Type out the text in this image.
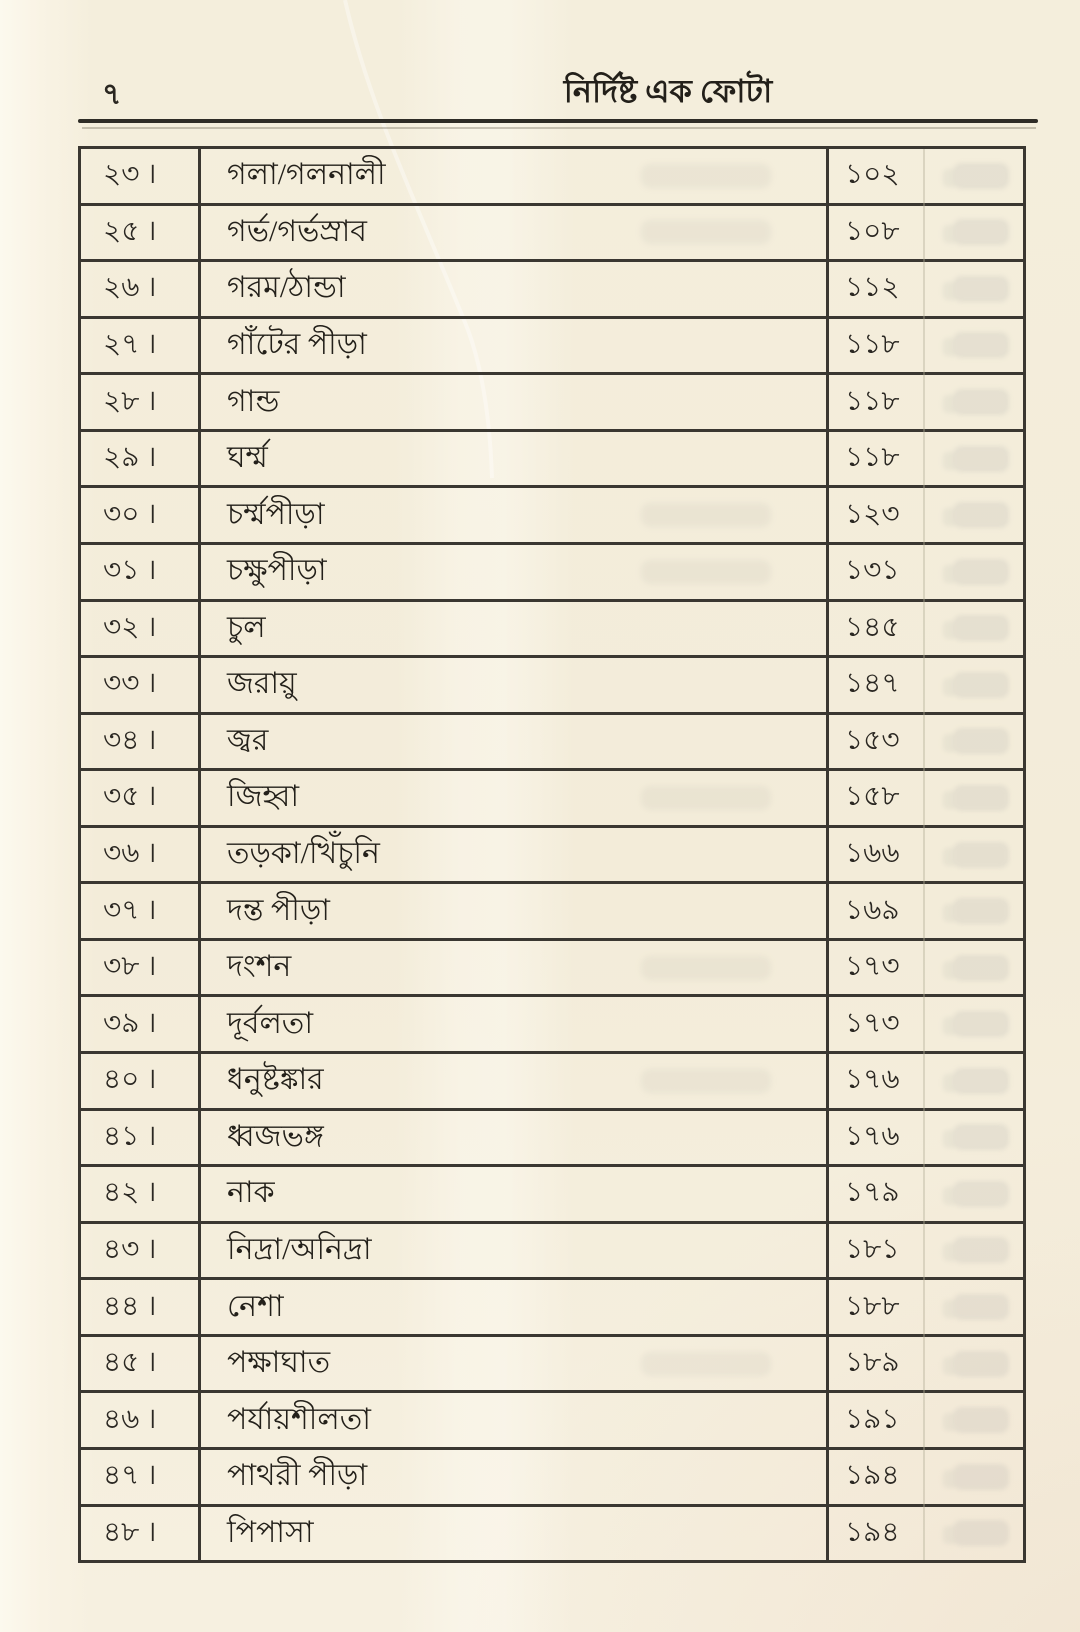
৭	নির্দিষ্ট এক ফোটা
২৩ ।	গলা/গলনালী	১০২
২৫ ।	গর্ভ/গর্ভস্রাব	১০৮
২৬ ।	গরম/ঠান্ডা	১১২
২৭ ।	গাঁটের পীড়া	১১৮
২৮ ।	গান্ড	১১৮
২৯ ।	ঘর্ম্ম	১১৮
৩০ ।	চর্ম্মপীড়া	১২৩
৩১ ।	চক্ষুপীড়া	১৩১
৩২ ।	চুল	১৪৫
৩৩ ।	জরায়ু	১৪৭
৩৪ ।	জ্বর	১৫৩
৩৫ ।	জিহ্বা	১৫৮
৩৬ ।	তড়কা/খিঁচুনি	১৬৬
৩৭ ।	দন্ত পীড়া	১৬৯
৩৮ ।	দংশন	১৭৩
৩৯ ।	দূর্বলতা	১৭৩
৪০ ।	ধনুষ্টঙ্কার	১৭৬
৪১ ।	ধ্বজভঙ্গ	১৭৬
৪২ ।	নাক	১৭৯
৪৩ ।	নিদ্রা/অনিদ্রা	১৮১
৪৪ ।	নেশা	১৮৮
৪৫ ।	পক্ষাঘাত	১৮৯
৪৬ ।	পর্যায়শীলতা	১৯১
৪৭ ।	পাথরী পীড়া	১৯৪
৪৮ ।	পিপাসা	১৯৪
